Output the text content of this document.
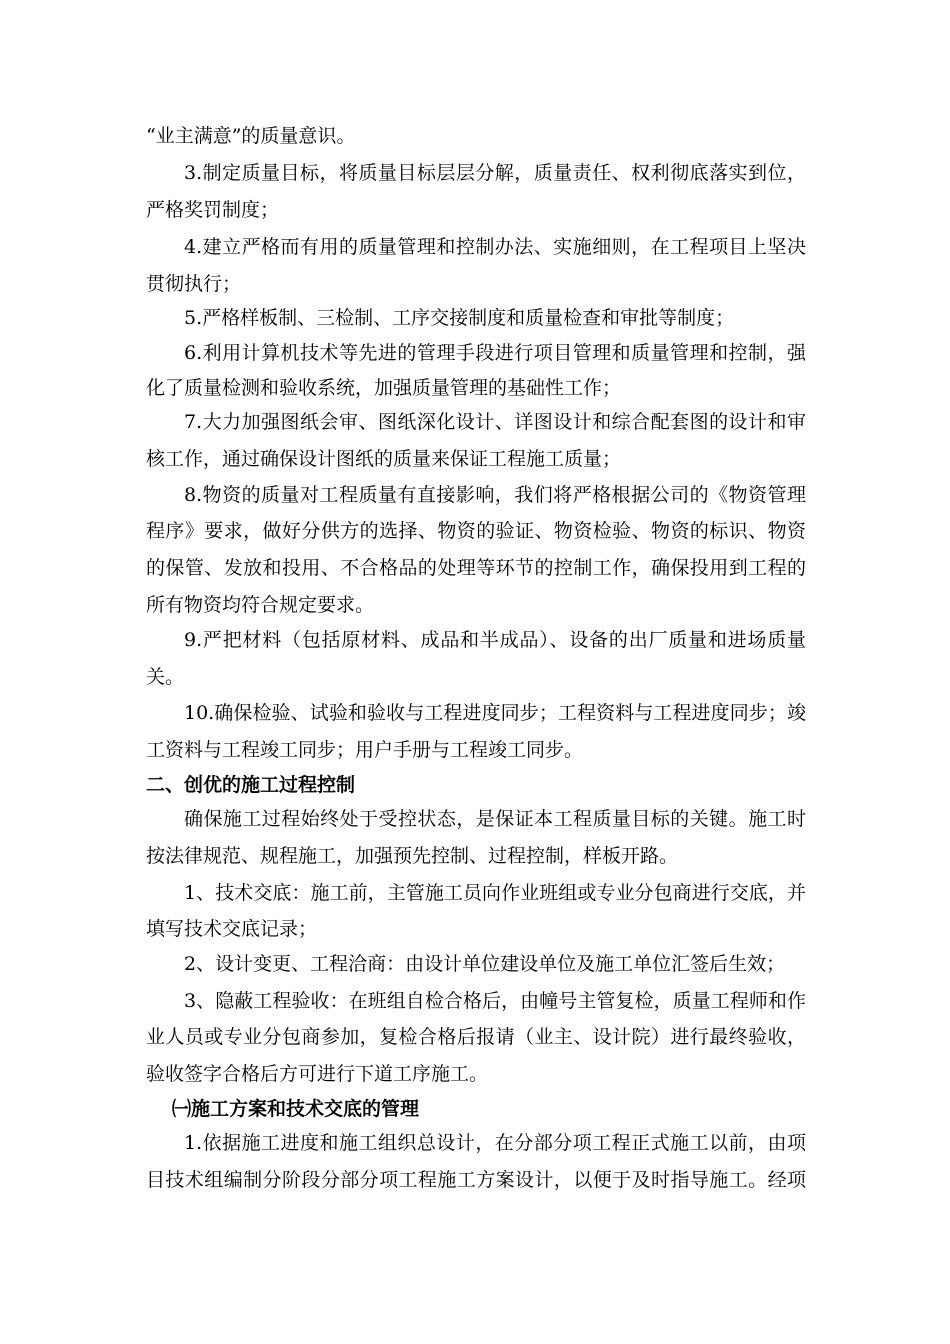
“业主满意”的质量意识。
3.制定质量目标，将质量目标层层分解，质量责任、权利彻底落实到位，
严格奖罚制度；
4.建立严格而有用的质量管理和控制办法、实施细则，在工程项目上坚决
贯彻执行；
5.严格样板制、三检制、工序交接制度和质量检查和审批等制度；
6.利用计算机技术等先进的管理手段进行项目管理和质量管理和控制，强
化了质量检测和验收系统，加强质量管理的基础性工作；
7.大力加强图纸会审、图纸深化设计、详图设计和综合配套图的设计和审
核工作，通过确保设计图纸的质量来保证工程施工质量；
8.物资的质量对工程质量有直接影响，我们将严格根据公司的《物资管理
程序》要求，做好分供方的选择、物资的验证、物资检验、物资的标识、物资
的保管、发放和投用、不合格品的处理等环节的控制工作，确保投用到工程的
所有物资均符合规定要求。
9.严把材料（包括原材料、成品和半成品）、设备的出厂质量和进场质量
关。
10.确保检验、试验和验收与工程进度同步；工程资料与工程进度同步；竣
工资料与工程竣工同步；用户手册与工程竣工同步。
二、创优的施工过程控制
确保施工过程始终处于受控状态，是保证本工程质量目标的关键。施工时
按法律规范、规程施工，加强预先控制、过程控制，样板开路。
1、技术交底：施工前，主管施工员向作业班组或专业分包商进行交底，并
填写技术交底记录；
2、设计变更、工程洽商：由设计单位建设单位及施工单位汇签后生效；
3、隐蔽工程验收：在班组自检合格后，由幢号主管复检，质量工程师和作
业人员或专业分包商参加，复检合格后报请（业主、设计院）进行最终验收，
验收签字合格后方可进行下道工序施工。
㈠施工方案和技术交底的管理
1.依据施工进度和施工组织总设计，在分部分项工程正式施工以前，由项
目技术组编制分阶段分部分项工程施工方案设计，以便于及时指导施工。经项
